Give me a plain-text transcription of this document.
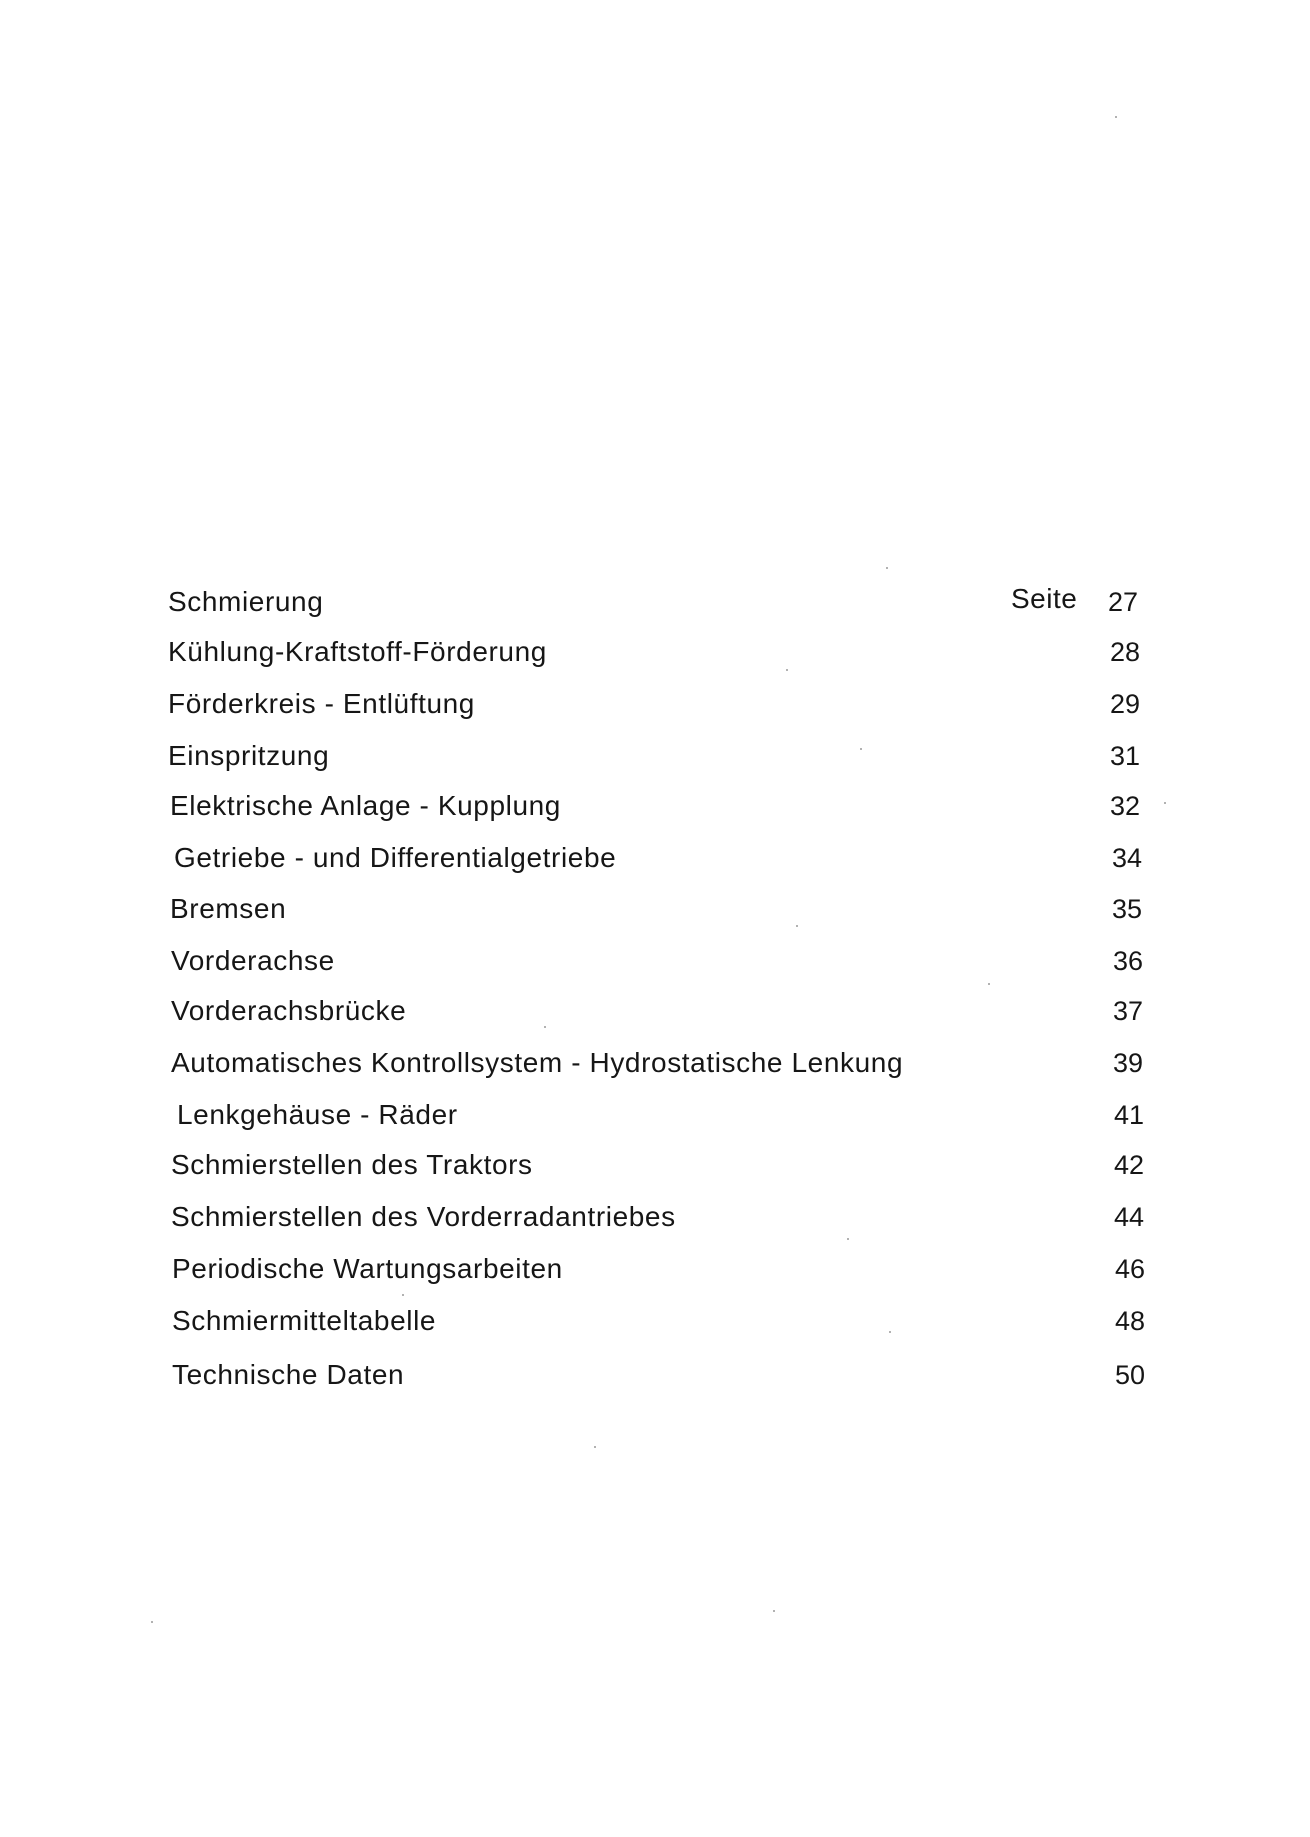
Seite
Schmierung	27
Kühlung-Kraftstoff-Förderung	28
Förderkreis - Entlüftung	29
Einspritzung	31
Elektrische Anlage - Kupplung	32
Getriebe - und Differentialgetriebe	34
Bremsen	35
Vorderachse	36
Vorderachsbrücke	37
Automatisches Kontrollsystem - Hydrostatische Lenkung	39
Lenkgehäuse - Räder	41
Schmierstellen des Traktors	42
Schmierstellen des Vorderradantriebes	44
Periodische Wartungsarbeiten	46
Schmiermitteltabelle	48
Technische Daten	50
